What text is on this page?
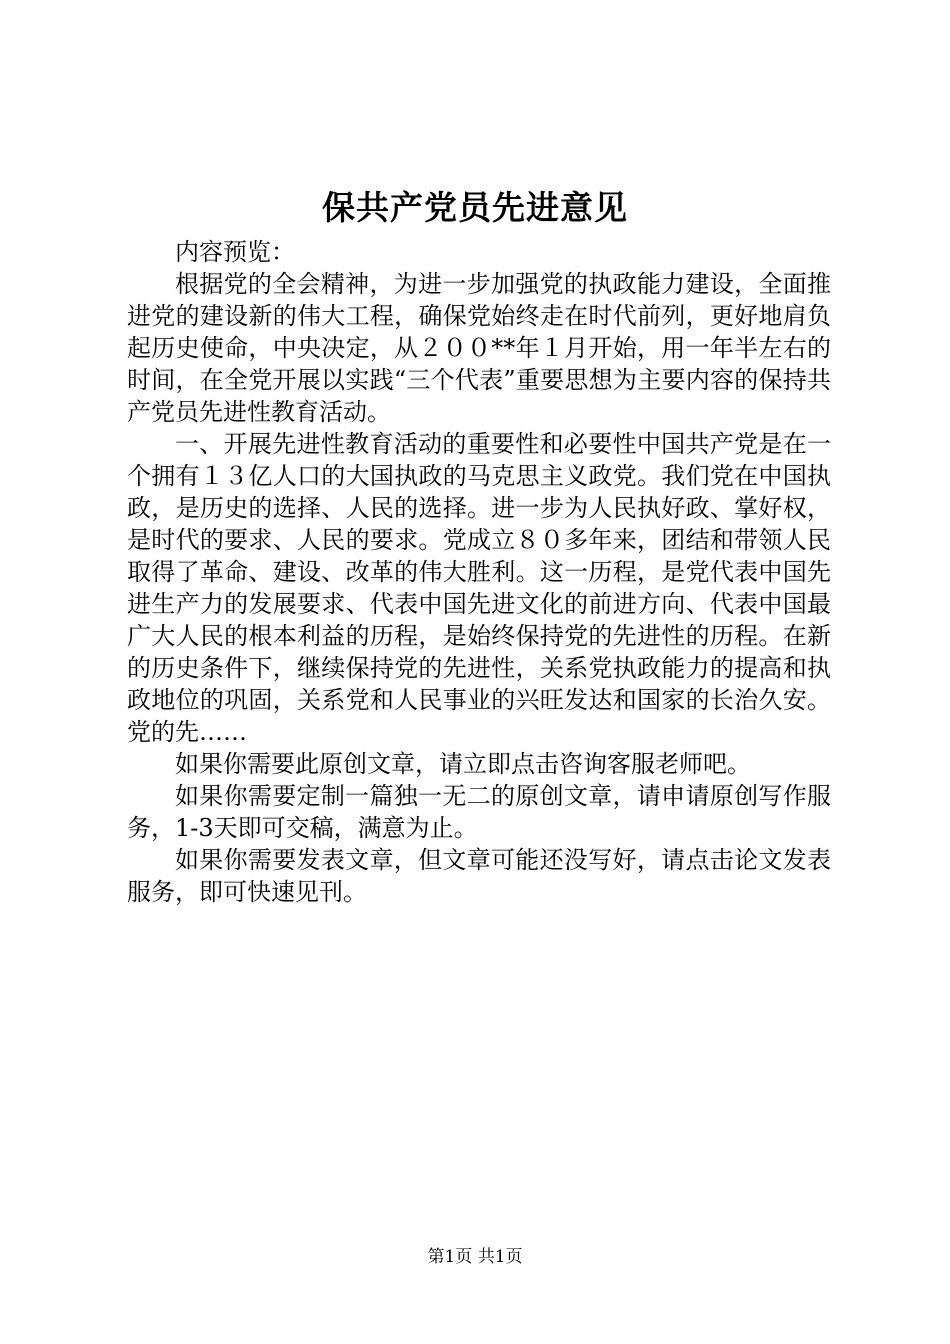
保共产党员先进意见

内容预览：

根据党的全会精神，为进一步加强党的执政能力建设，全面推进党的建设新的伟大工程，确保党始终走在时代前列，更好地肩负起历史使命，中央决定，从２００**年１月开始，用一年半左右的时间，在全党开展以实践“三个代表”重要思想为主要内容的保持共产党员先进性教育活动。

一、开展先进性教育活动的重要性和必要性中国共产党是在一个拥有１３亿人口的大国执政的马克思主义政党。我们党在中国执政，是历史的选择、人民的选择。进一步为人民执好政、掌好权，是时代的要求、人民的要求。党成立８０多年来，团结和带领人民取得了革命、建设、改革的伟大胜利。这一历程，是党代表中国先进生产力的发展要求、代表中国先进文化的前进方向、代表中国最广大人民的根本利益的历程，是始终保持党的先进性的历程。在新的历史条件下，继续保持党的先进性，关系党执政能力的提高和执政地位的巩固，关系党和人民事业的兴旺发达和国家的长治久安。党的先……

如果你需要此原创文章，请立即点击咨询客服老师吧。

如果你需要定制一篇独一无二的原创文章，请申请原创写作服务，1-3天即可交稿，满意为止。

如果你需要发表文章，但文章可能还没写好，请点击论文发表服务，即可快速见刊。

第1页 共1页
